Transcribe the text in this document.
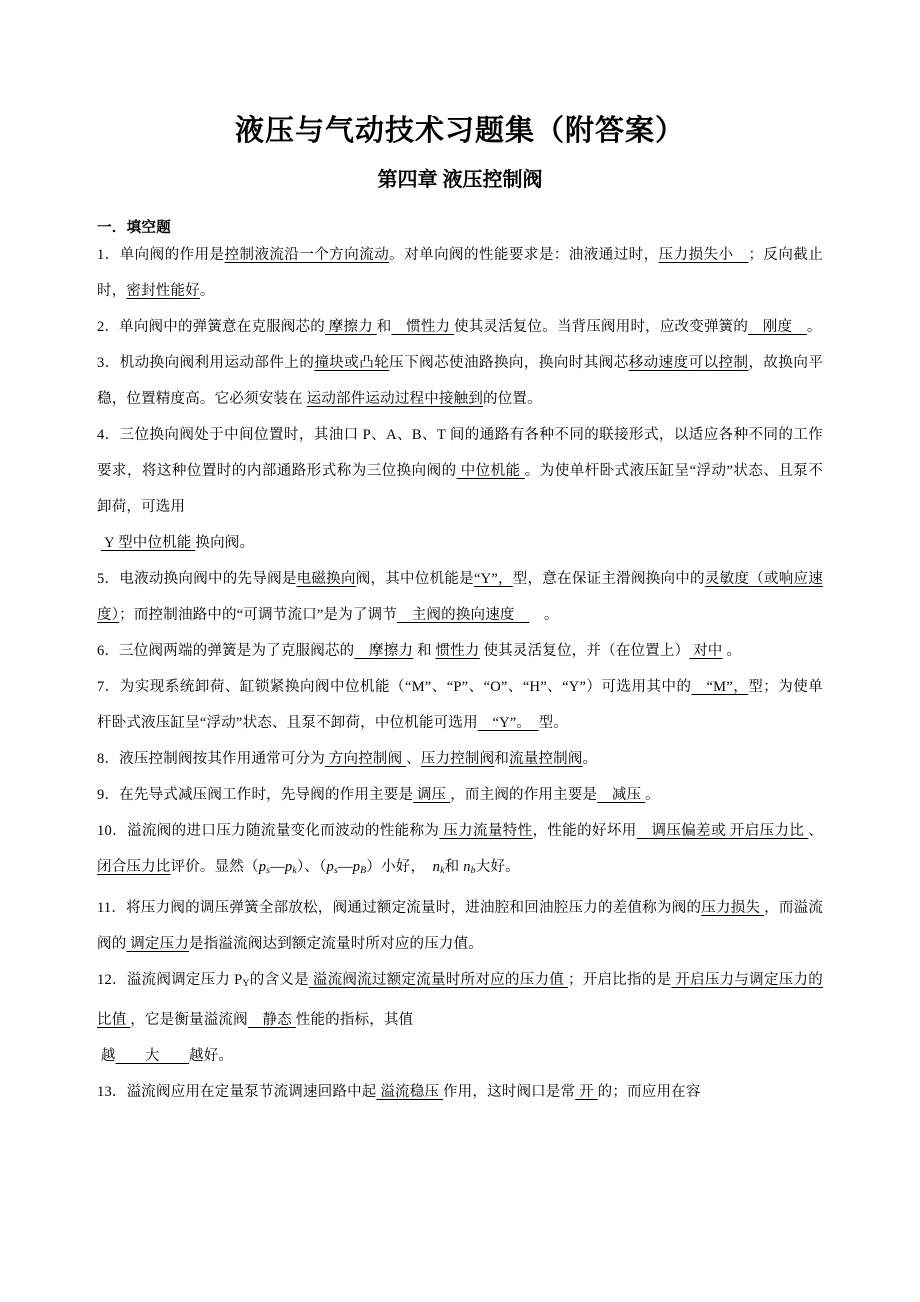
液压与气动技术习题集（附答案）
第四章 液压控制阀
一．填空题

1．单向阀的作用是控制液流沿一个方向流动。对单向阀的性能要求是：油液通过时，压力损失小　；反向截止时，密封性能好。

2．单向阀中的弹簧意在克服阀芯的 摩擦力 和　惯性力 使其灵活复位。当背压阀用时，应改变弹簧的　刚度　。

3．机动换向阀利用运动部件上的撞块或凸轮压下阀芯使油路换向，换向时其阀芯移动速度可以控制，故换向平稳，位置精度高。它必须安装在 运动部件运动过程中接触到的位置。

4．三位换向阀处于中间位置时，其油口 P、A、B、T 间的通路有各种不同的联接形式，以适应各种不同的工作要求，将这种位置时的内部通路形式称为三位换向阀的 中位机能 。为使单杆卧式液压缸呈“浮动”状态、且泵不卸荷，可选用

Y 型中位机能 换向阀。

5．电液动换向阀中的先导阀是电磁换向阀，其中位机能是“Y”，型，意在保证主滑阀换向中的灵敏度（或响应速度）；而控制油路中的“可调节流口”是为了调节　主阀的换向速度　　。

6．三位阀两端的弹簧是为了克服阀芯的　摩擦力 和 惯性力 使其灵活复位，并（在位置上） 对中 。

7．为实现系统卸荷、缸锁紧换向阀中位机能（“M”、“P”、“O”、“H”、“Y”）可选用其中的　“M”，型；为使单杆卧式液压缸呈“浮动”状态、且泵不卸荷，中位机能可选用　“Y”。　型。

8．液压控制阀按其作用通常可分为 方向控制阀 、压力控制阀和流量控制阀。

9．在先导式减压阀工作时，先导阀的作用主要是 调压 ，而主阀的作用主要是　减压 。

10．溢流阀的进口压力随流量变化而波动的性能称为 压力流量特性，性能的好坏用　调压偏差或 开启压力比 、 闭合压力比评价。显然$(p_s—p_k)$、$(p_s—p_B)$小好，　$n_k$和 $n_b$大好。

11．将压力阀的调压弹簧全部放松，阀通过额定流量时，进油腔和回油腔压力的差值称为阀的压力损失 ，而溢流阀的 调定压力是指溢流阀达到额定流量时所对应的压力值。

12．溢流阀调定压力 $P_Y$的含义是 溢流阀流过额定流量时所对应的压力值 ；开启比指的是 开启压力与调定压力的比值 ，它是衡量溢流阀　静态 性能的指标，其值

越　　大　　越好。

13．溢流阀应用在定量泵节流调速回路中起 溢流稳压 作用，这时阀口是常 开 的；而应用在容
